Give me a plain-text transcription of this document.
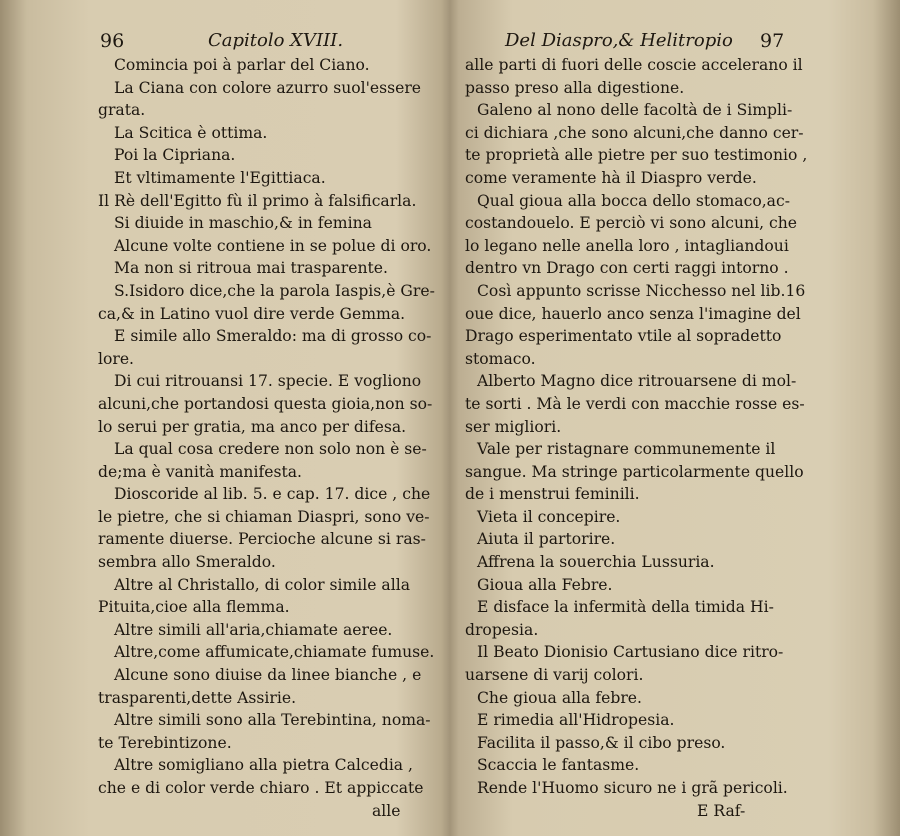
96	Capitolo XVIII.
Comincia poi à parlar del Ciano.
La Ciana con colore azurro suol'essere
grata.
La Scitica è ottima.
Poi la Cipriana.
Et vltimamente l'Egittiaca.
Il Rè dell'Egitto fù il primo à falsificarla.
Si diuide in maschio,& in femina
Alcune volte contiene in se polue di oro.
Ma non si ritroua mai trasparente.
S.Isidoro dice,che la parola Iaspis,è Gre-
ca,& in Latino vuol dire verde Gemma.
E simile allo Smeraldo: ma di grosso co-
lore.
Di cui ritrouansi 17. specie. E vogliono
alcuni,che portandosi questa gioia,non so-
lo serui per gratia, ma anco per difesa.
La qual cosa credere non solo non è se-
de;ma è vanità manifesta.
Dioscoride al lib. 5. e cap. 17. dice , che
le pietre, che si chiaman Diaspri, sono ve-
ramente diuerse. Percioche alcune si ras-
sembra allo Smeraldo.
Altre al Christallo, di color simile alla
Pituita,cioe alla flemma.
Altre simili all'aria,chiamate aeree.
Altre,come affumicate,chiamate fumuse.
Alcune sono diuise da linee bianche , e
trasparenti,dette Assirie.
Altre simili sono alla Terebintina, noma-
te Terebintizone.
Altre somigliano alla pietra Calcedia ,
che e di color verde chiaro . Et appiccate
alle
Del Diaspro,& Helitropio 97
alle parti di fuori delle coscie accelerano il
passo preso alla digestione.
Galeno al nono delle facoltà de i Simpli-
ci dichiara ,che sono alcuni,che danno cer-
te proprietà alle pietre per suo testimonio ,
come veramente hà il Diaspro verde.
Qual gioua alla bocca dello stomaco,ac-
costandouelo. E perciò vi sono alcuni, che
lo legano nelle anella loro , intagliandoui
dentro vn Drago con certi raggi intorno .
Così appunto scrisse Nicchesso nel lib.16
oue dice, hauerlo anco senza l'imagine del
Drago esperimentato vtile al sopradetto
stomaco.
Alberto Magno dice ritrouarsene di mol-
te sorti . Mà le verdi con macchie rosse es-
ser migliori.
Vale per ristagnare communemente il
sangue. Ma stringe particolarmente quello
de i menstrui feminili.
Vieta il concepire.
Aiuta il partorire.
Affrena la souerchia Lussuria.
Gioua alla Febre.
E disface la infermità della timida Hi-
dropesia.
Il Beato Dionisio Cartusiano dice ritro-
uarsene di varij colori.
Che gioua alla febre.
E rimedia all'Hidropesia.
Facilita il passo,& il cibo preso.
Scaccia le fantasme.
Rende l'Huomo sicuro ne i grã pericoli.
E Raf-
